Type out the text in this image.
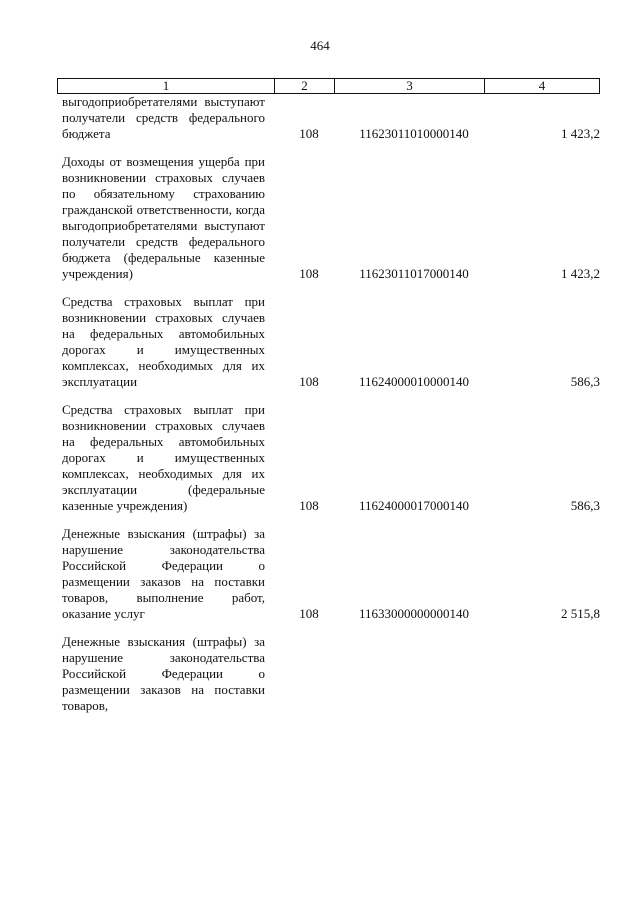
464
1	2	3	4
выгодоприобретателями выступают получатели средств федерального бюджета	108	11623011010000140	1 423,2
Доходы от возмещения ущерба при возникновении страховых случаев по обязательному страхованию гражданской ответственности, когда выгодоприобретателями выступают получатели средств федерального бюджета (федеральные казенные учреждения)	108	11623011017000140	1 423,2
Средства страховых выплат при возникновении страховых случаев на федеральных автомобильных дорогах и имущественных комплексах, необходимых для их эксплуатации	108	11624000010000140	586,3
Средства страховых выплат при возникновении страховых случаев на федеральных автомобильных дорогах и имущественных комплексах, необходимых для их эксплуатации (федеральные казенные учреждения)	108	11624000017000140	586,3
Денежные взыскания (штрафы) за нарушение законодательства Российской Федерации о размещении заказов на поставки товаров, выполнение работ, оказание услуг	108	11633000000000140	2 515,8
Денежные взыскания (штрафы) за нарушение законодательства Российской Федерации о размещении заказов на поставки товаров,
